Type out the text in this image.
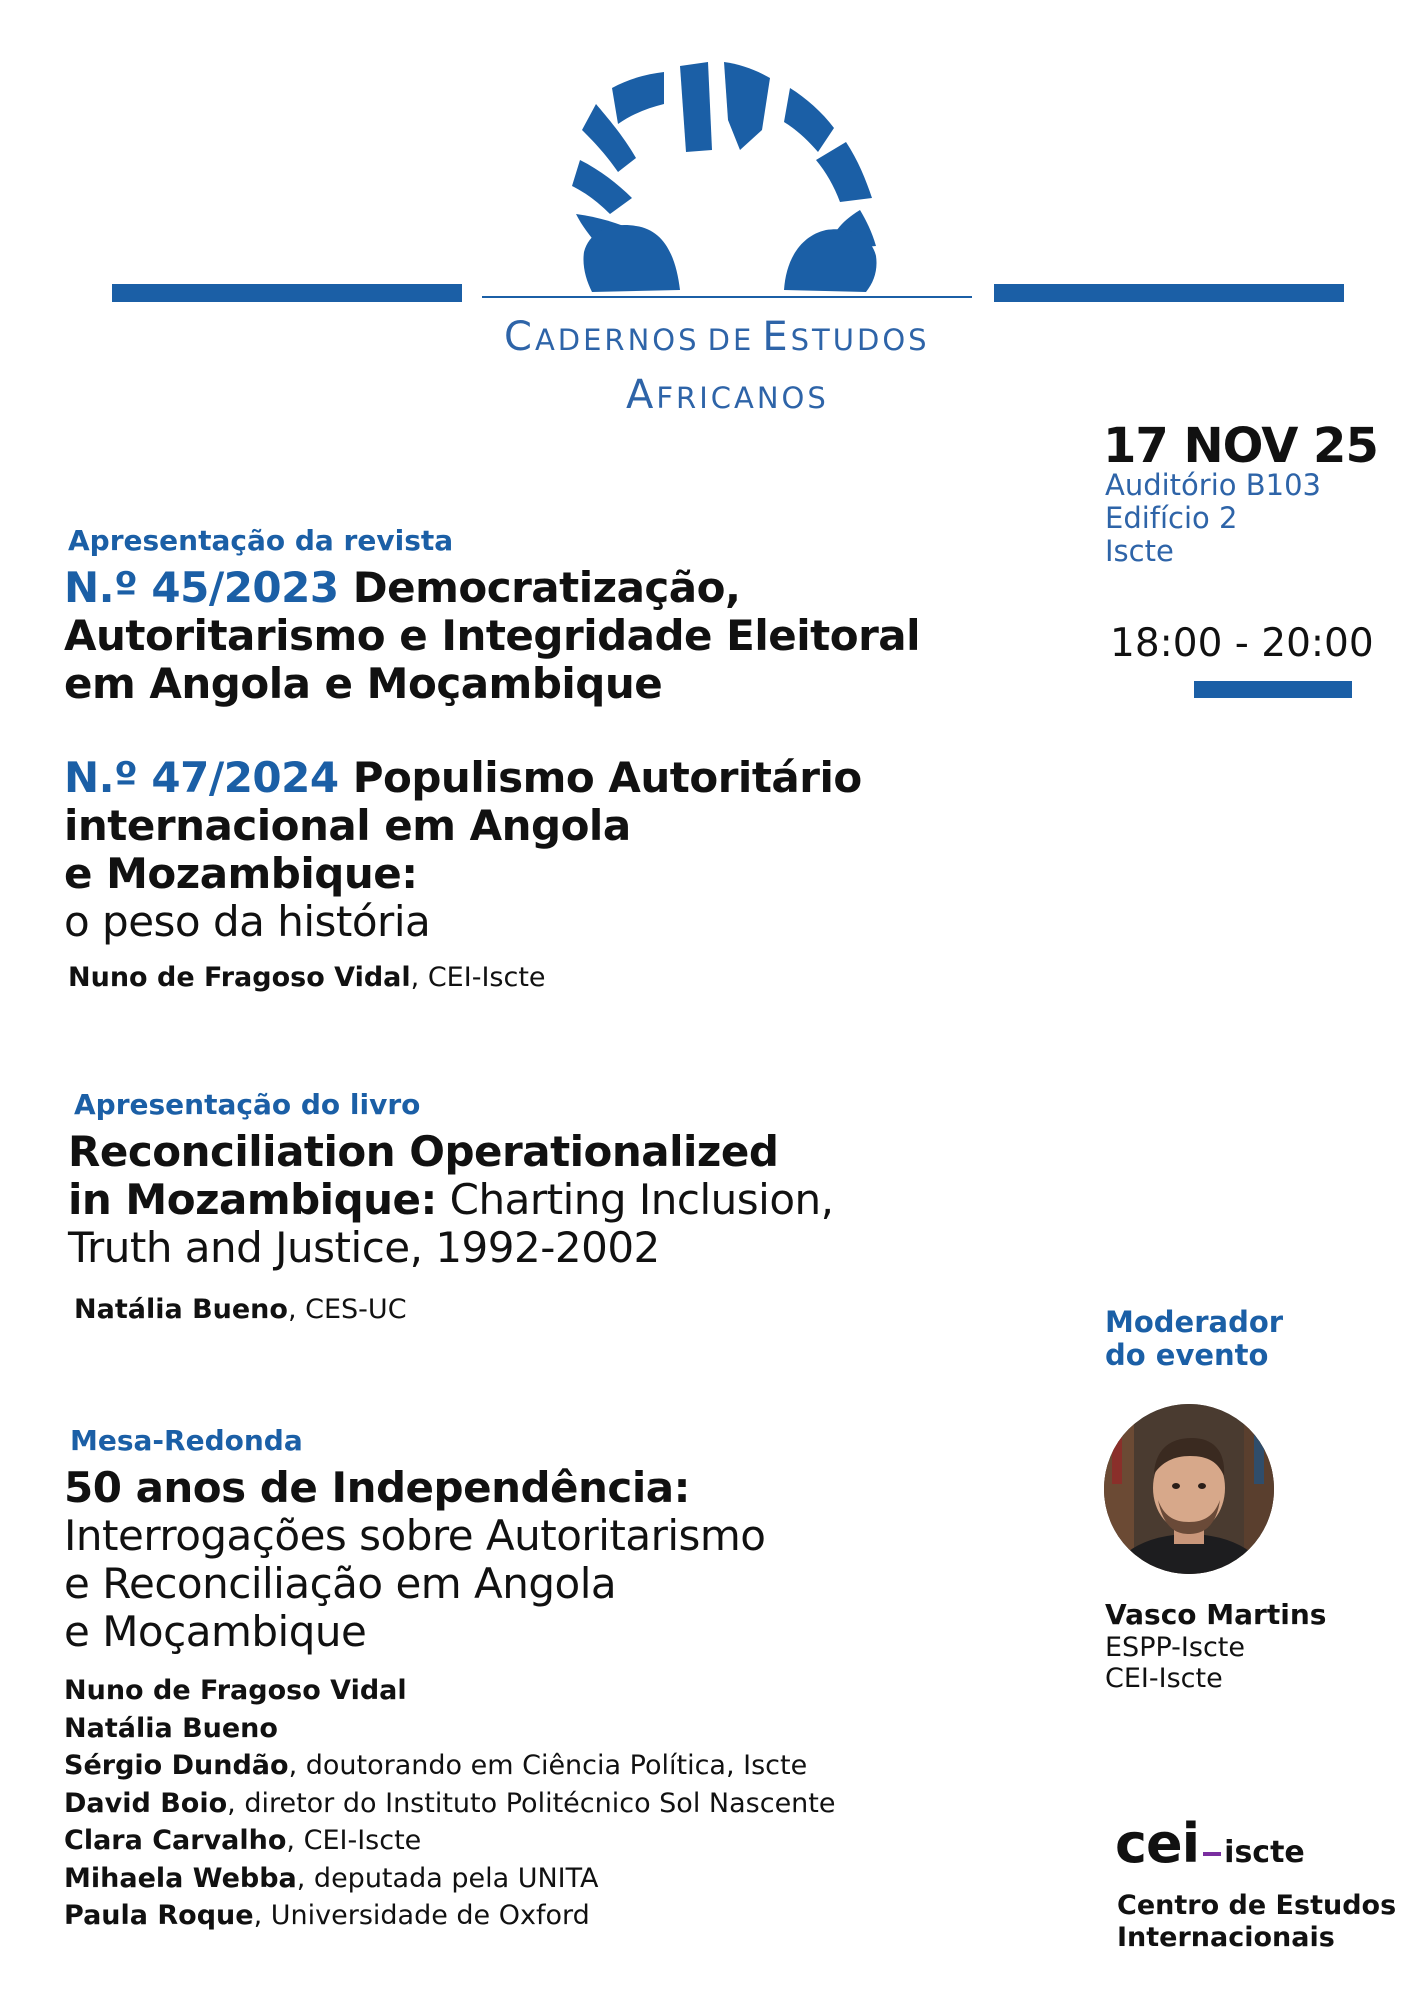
CADERNOS DE ESTUDOS
AFRICANOS
17 NOV 25
Auditório B103
Edifício 2
Iscte
18:00 - 20:00
Apresentação da revista
N.º 45/2023 Democratização,
Autoritarismo e Integridade Eleitoral
em Angola e Moçambique
N.º 47/2024 Populismo Autoritário
internacional em Angola
e Mozambique:
o peso da história
Nuno de Fragoso Vidal, CEI-Iscte
Apresentação do livro
Reconciliation Operationalized
in Mozambique: Charting Inclusion,
Truth and Justice, 1992-2002
Natália Bueno, CES-UC
Mesa-Redonda
50 anos de Independência:
Interrogações sobre Autoritarismo
e Reconciliação em Angola
e Moçambique
Nuno de Fragoso Vidal
Natália Bueno
Sérgio Dundão, doutorando em Ciência Política, Iscte
David Boio, diretor do Instituto Politécnico Sol Nascente
Clara Carvalho, CEI-Iscte
Mihaela Webba, deputada pela UNITA
Paula Roque, Universidade de Oxford
Moderador
do evento
Vasco Martins
ESPP-Iscte
CEI-Iscte
cei iscte
Centro de Estudos
Internacionais
